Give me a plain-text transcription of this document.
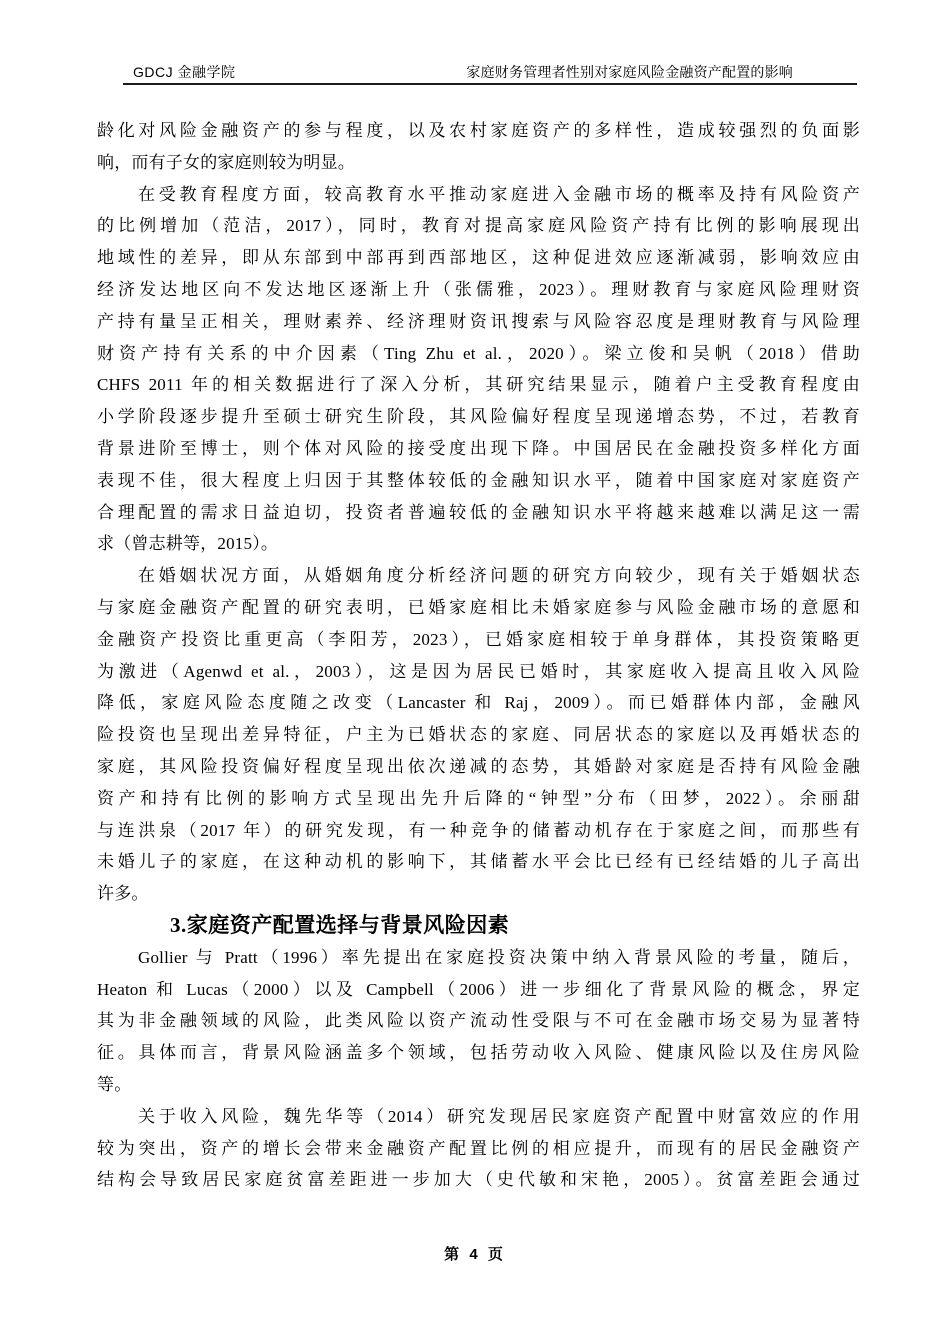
GDCJ 金融学院	家庭财务管理者性别对家庭风险金融资产配置的影响
龄化对风险金融资产的参与程度，以及农村家庭资产的多样性，造成较强烈的负面影
响，而有子女的家庭则较为明显。
在受教育程度方面，较高教育水平推动家庭进入金融市场的概率及持有风险资产
的比例增加（范洁，2017），同时，教育对提高家庭风险资产持有比例的影响展现出
地域性的差异，即从东部到中部再到西部地区，这种促进效应逐渐减弱，影响效应由
经济发达地区向不发达地区逐渐上升（张儒雅，2023）。理财教育与家庭风险理财资
产持有量呈正相关，理财素养、经济理财资讯搜索与风险容忍度是理财教育与风险理
财资产持有关系的中介因素（Ting Zhu et al.，2020）。梁立俊和吴帆（2018）借助
CHFS 2011 年的相关数据进行了深入分析，其研究结果显示，随着户主受教育程度由
小学阶段逐步提升至硕士研究生阶段，其风险偏好程度呈现递增态势，不过，若教育
背景进阶至博士，则个体对风险的接受度出现下降。中国居民在金融投资多样化方面
表现不佳，很大程度上归因于其整体较低的金融知识水平，随着中国家庭对家庭资产
合理配置的需求日益迫切，投资者普遍较低的金融知识水平将越来越难以满足这一需
求（曾志耕等，2015）。
在婚姻状况方面，从婚姻角度分析经济问题的研究方向较少，现有关于婚姻状态
与家庭金融资产配置的研究表明，已婚家庭相比未婚家庭参与风险金融市场的意愿和
金融资产投资比重更高（李阳芳，2023），已婚家庭相较于单身群体，其投资策略更
为激进（Agenwd et al.，2003），这是因为居民已婚时，其家庭收入提高且收入风险
降低，家庭风险态度随之改变（Lancaster 和 Raj，2009）。而已婚群体内部，金融风
险投资也呈现出差异特征，户主为已婚状态的家庭、同居状态的家庭以及再婚状态的
家庭，其风险投资偏好程度呈现出依次递减的态势，其婚龄对家庭是否持有风险金融
资产和持有比例的影响方式呈现出先升后降的“钟型”分布（田梦，2022）。余丽甜
与连洪泉（2017 年）的研究发现，有一种竞争的储蓄动机存在于家庭之间，而那些有
未婚儿子的家庭，在这种动机的影响下，其储蓄水平会比已经有已经结婚的儿子高出
许多。
3.家庭资产配置选择与背景风险因素
Gollier 与 Pratt（1996）率先提出在家庭投资决策中纳入背景风险的考量，随后，
Heaton 和 Lucas（2000）以及 Campbell（2006）进一步细化了背景风险的概念，界定
其为非金融领域的风险，此类风险以资产流动性受限与不可在金融市场交易为显著特
征。具体而言，背景风险涵盖多个领域，包括劳动收入风险、健康风险以及住房风险
等。
关于收入风险，魏先华等（2014）研究发现居民家庭资产配置中财富效应的作用
较为突出，资产的增长会带来金融资产配置比例的相应提升，而现有的居民金融资产
结构会导致居民家庭贫富差距进一步加大（史代敏和宋艳，2005）。贫富差距会通过
第 4 页
